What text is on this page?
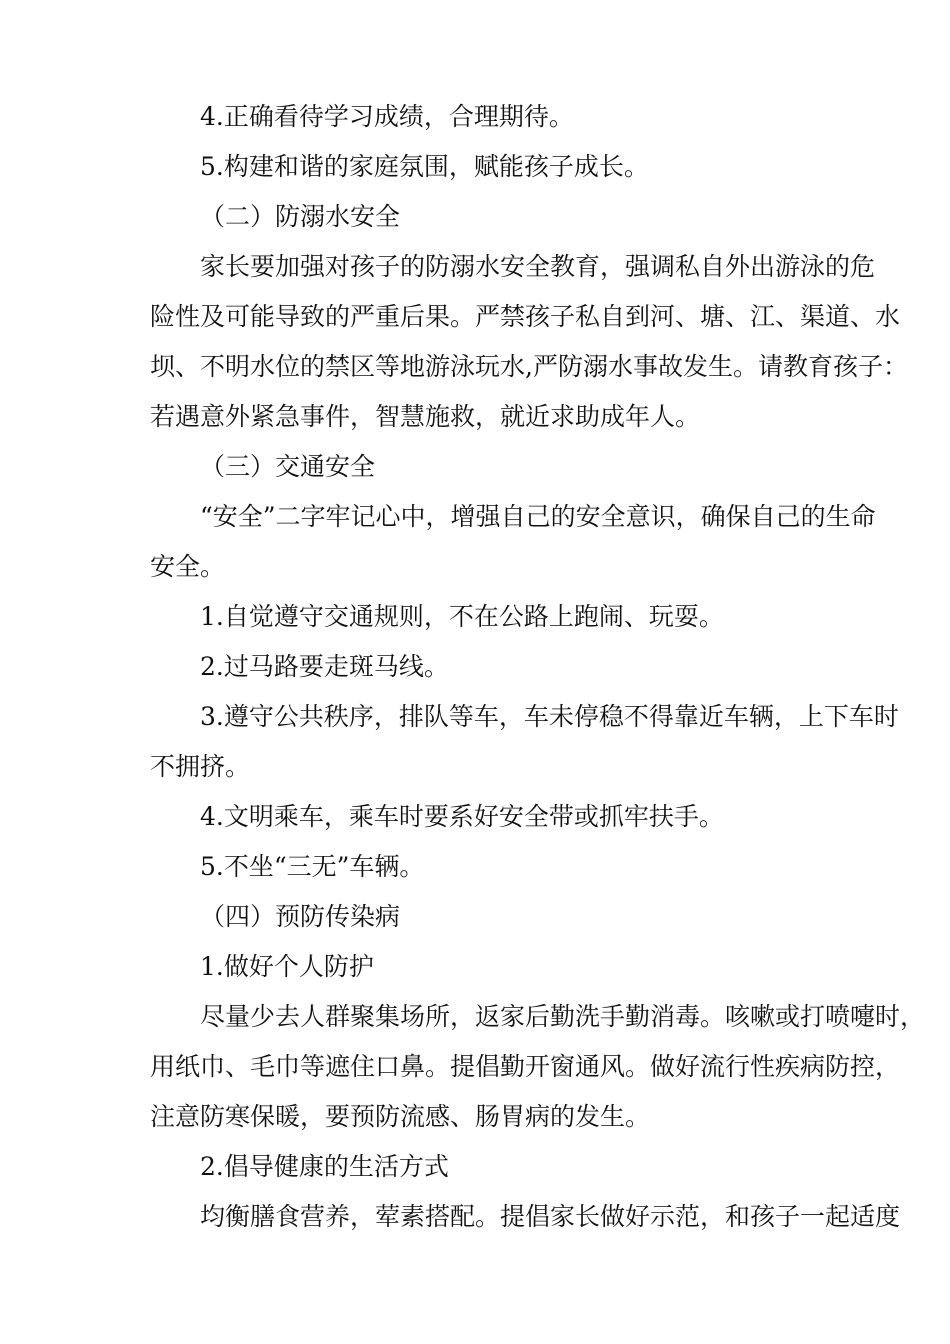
4.正确看待学习成绩，合理期待。
5.构建和谐的家庭氛围，赋能孩子成长。
（二）防溺水安全
家长要加强对孩子的防溺水安全教育，强调私自外出游泳的危
险性及可能导致的严重后果。严禁孩子私自到河、塘、江、渠道、水
坝、不明水位的禁区等地游泳玩水,严防溺水事故发生。请教育孩子：
若遇意外紧急事件，智慧施救，就近求助成年人。
（三）交通安全
“安全”二字牢记心中，增强自己的安全意识，确保自己的生命
安全。
1.自觉遵守交通规则，不在公路上跑闹、玩耍。
2.过马路要走斑马线。
3.遵守公共秩序，排队等车，车未停稳不得靠近车辆，上下车时
不拥挤。
4.文明乘车，乘车时要系好安全带或抓牢扶手。
5.不坐“三无”车辆。
（四）预防传染病
1.做好个人防护
尽量少去人群聚集场所，返家后勤洗手勤消毒。咳嗽或打喷嚏时，
用纸巾、毛巾等遮住口鼻。提倡勤开窗通风。做好流行性疾病防控，
注意防寒保暖，要预防流感、肠胃病的发生。
2.倡导健康的生活方式
均衡膳食营养，荤素搭配。提倡家长做好示范，和孩子一起适度
